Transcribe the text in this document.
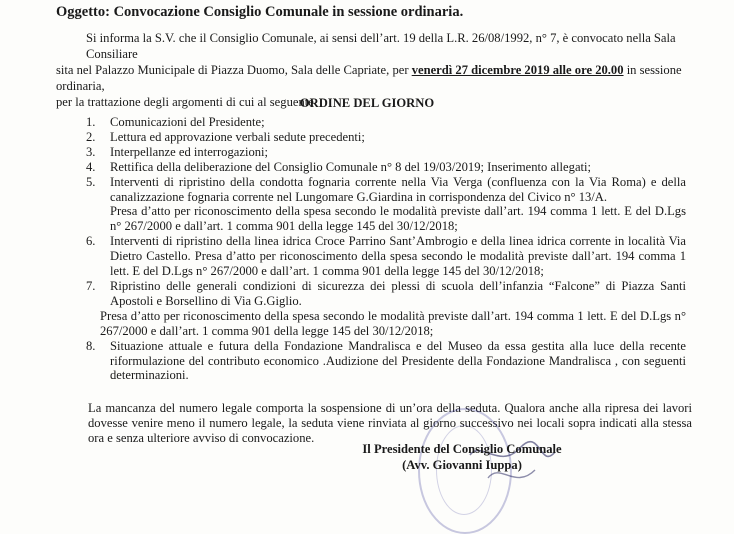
Oggetto: Convocazione Consiglio Comunale in sessione ordinaria.
Si informa la S.V. che il Consiglio Comunale, ai sensi dell’art. 19 della L.R. 26/08/1992, n° 7, è convocato nella Sala Consiliare
sita nel Palazzo Municipale di Piazza Duomo, Sala delle Capriate, per venerdì 27 dicembre 2019 alle ore 20.00 in sessione ordinaria,
per la trattazione degli argomenti di cui al seguente
ORDINE DEL GIORNO
1. Comunicazioni del Presidente;
2. Lettura ed approvazione verbali sedute precedenti;
3. Interpellanze ed interrogazioni;
4. Rettifica della deliberazione del Consiglio Comunale n° 8 del 19/03/2019; Inserimento allegati;
5. Interventi di ripristino della condotta fognaria corrente nella Via Verga (confluenza con la Via Roma) e della canalizzazione fognaria corrente nel Lungomare G.Giardina in corrispondenza del Civico n° 13/A.
Presa d’atto per riconoscimento della spesa secondo le modalità previste dall’art. 194 comma 1 lett. E del D.Lgs n° 267/2000 e dall’art. 1 comma 901 della legge 145 del 30/12/2018;
6. Interventi di ripristino della linea idrica Croce Parrino Sant’Ambrogio e della linea idrica corrente in località Via Dietro Castello. Presa d’atto per riconoscimento della spesa secondo le modalità previste dall’art. 194 comma 1 lett. E del D.Lgs n° 267/2000 e dall’art. 1 comma 901 della legge 145 del 30/12/2018;
7. Ripristino delle generali condizioni di sicurezza dei plessi di scuola dell’infanzia “Falcone” di Piazza Santi Apostoli e Borsellino di Via G.Giglio.
Presa d’atto per riconoscimento della spesa secondo le modalità previste dall’art. 194 comma 1 lett. E del D.Lgs n° 267/2000 e dall’art. 1 comma 901 della legge 145 del 30/12/2018;
8. Situazione attuale e futura della Fondazione Mandralisca e del Museo da essa gestita alla luce della recente riformulazione del contributo economico .Audizione del Presidente della Fondazione Mandralisca , con seguenti determinazioni.
La mancanza del numero legale comporta la sospensione di un’ora della seduta. Qualora anche alla ripresa dei lavori dovesse venire meno il numero legale, la seduta viene rinviata al giorno successivo nei locali sopra indicati alla stessa ora e senza ulteriore avviso di convocazione.
Il Presidente del Consiglio Comunale
(Avv. Giovanni Iuppa)
